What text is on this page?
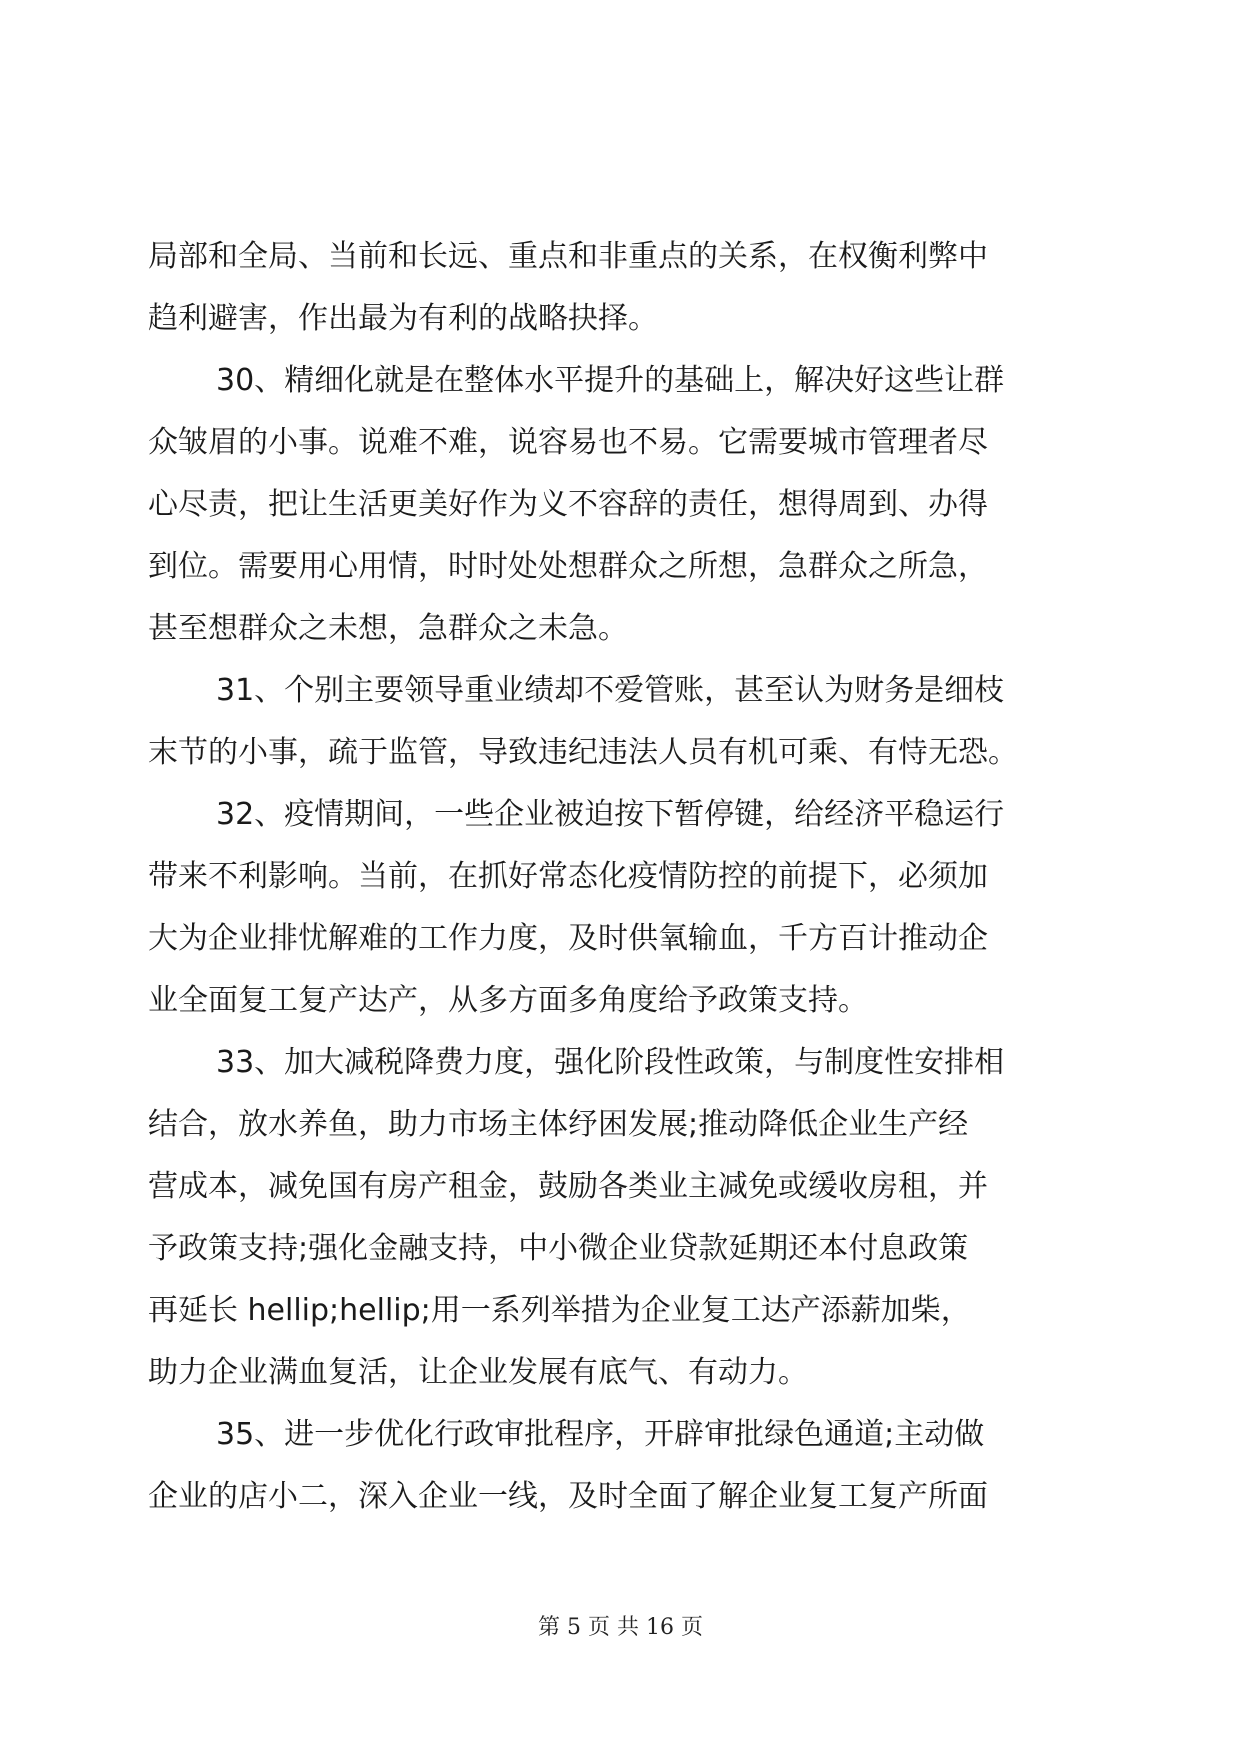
局部和全局、当前和长远、重点和非重点的关系，在权衡利弊中
趋利避害，作出最为有利的战略抉择。
30、精细化就是在整体水平提升的基础上，解决好这些让群
众皱眉的小事。说难不难，说容易也不易。它需要城市管理者尽
心尽责，把让生活更美好作为义不容辞的责任，想得周到、办得
到位。需要用心用情，时时处处想群众之所想，急群众之所急，
甚至想群众之未想，急群众之未急。
31、个别主要领导重业绩却不爱管账，甚至认为财务是细枝
末节的小事，疏于监管，导致违纪违法人员有机可乘、有恃无恐。
32、疫情期间，一些企业被迫按下暂停键，给经济平稳运行
带来不利影响。当前，在抓好常态化疫情防控的前提下，必须加
大为企业排忧解难的工作力度，及时供氧输血，千方百计推动企
业全面复工复产达产，从多方面多角度给予政策支持。
33、加大减税降费力度，强化阶段性政策，与制度性安排相
结合，放水养鱼，助力市场主体纾困发展;推动降低企业生产经
营成本，减免国有房产租金，鼓励各类业主减免或缓收房租，并
予政策支持;强化金融支持，中小微企业贷款延期还本付息政策
再延长 hellip;hellip;用一系列举措为企业复工达产添薪加柴，
助力企业满血复活，让企业发展有底气、有动力。
35、进一步优化行政审批程序，开辟审批绿色通道;主动做
企业的店小二，深入企业一线，及时全面了解企业复工复产所面
第 5 页 共 16 页
